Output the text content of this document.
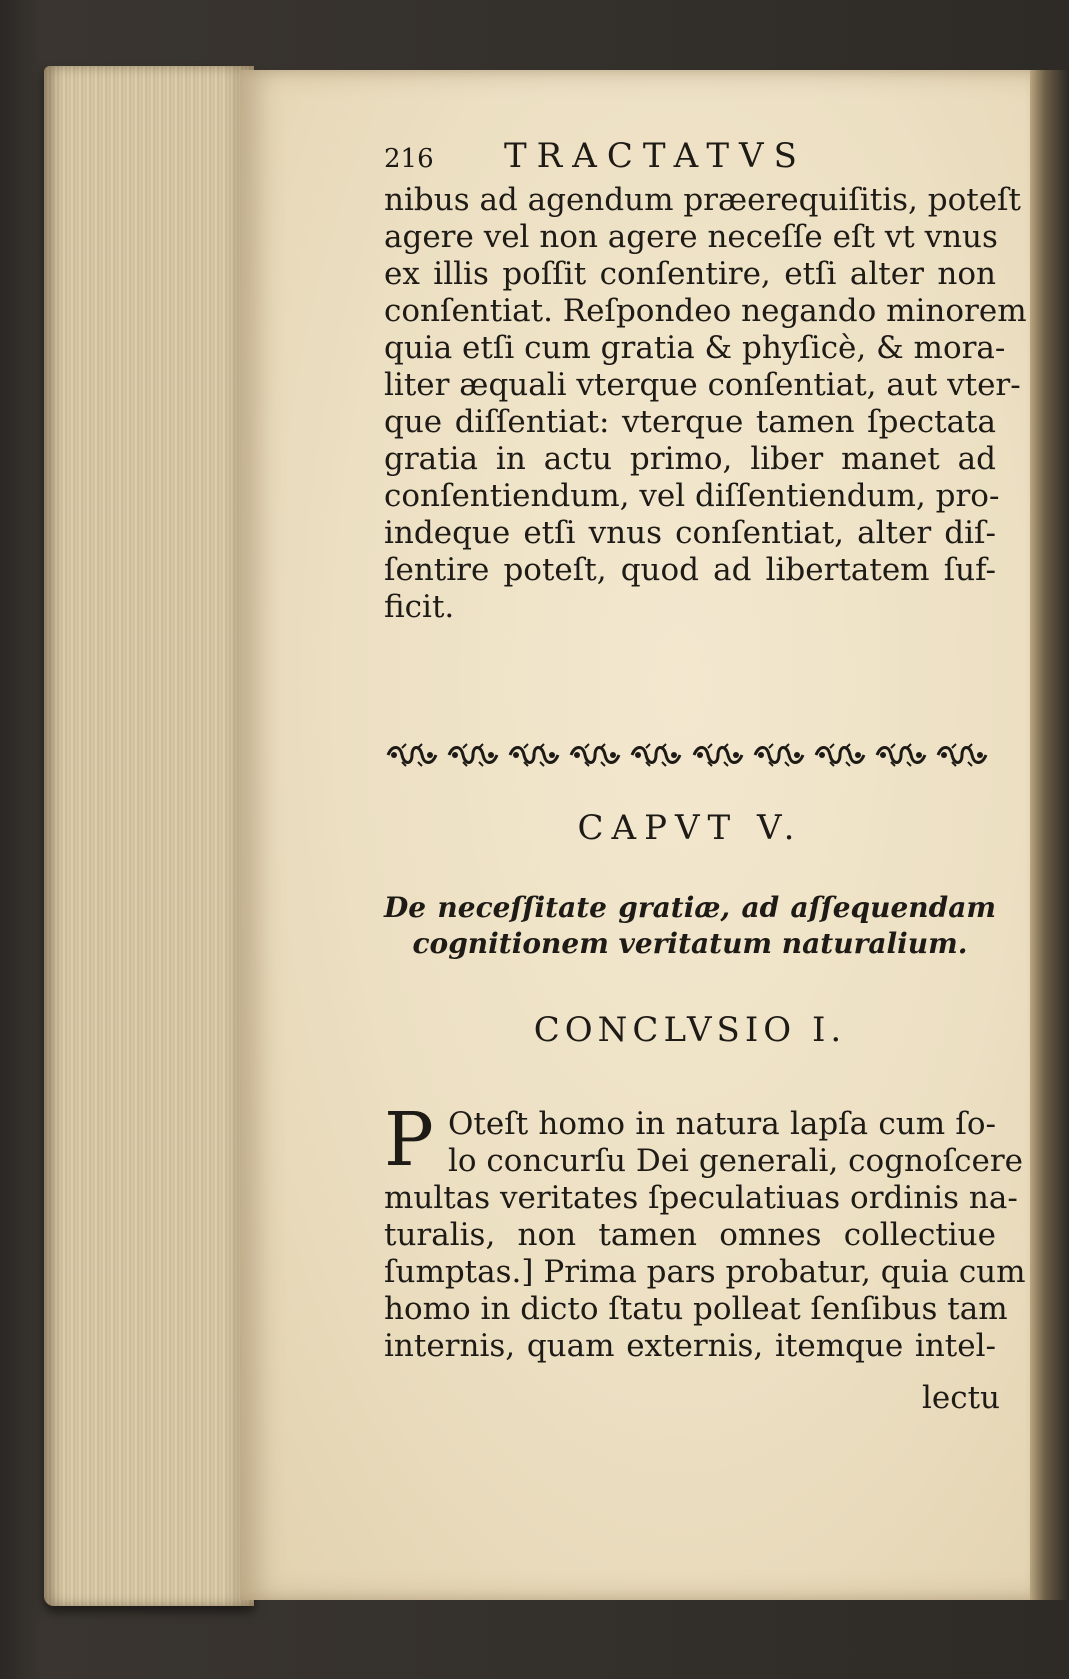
216	TRACTATVS
nibus ad agendum præerequiſitis, poteſt
agere vel non agere neceſſe eſt vt vnus
ex illis poſſit conſentire, etſi alter non
conſentiat. Reſpondeo negando minorem
quia etſi cum gratia & phyſicè, & mora-
liter æquali vterque conſentiat, aut vter-
que diſſentiat: vterque tamen ſpectata
gratia in actu primo, liber manet ad
conſentiendum, vel diſſentiendum, pro-
indeque etſi vnus conſentiat, alter diſ-
ſentire poteſt, quod ad libertatem ſuf-
ficit.
CAPVT V.
De neceſſitate gratiæ, ad aſſequendam
cognitionem veritatum naturalium.
CONCLVSIO I.
P Oteſt homo in natura lapſa cum ſo-
lo concurſu Dei generali, cognoſcere
multas veritates ſpeculatiuas ordinis na-
turalis, non tamen omnes collectiue
ſumptas.] Prima pars probatur, quia cum
homo in dicto ſtatu polleat ſenſibus tam
internis, quam externis, itemque intel-
lectu
